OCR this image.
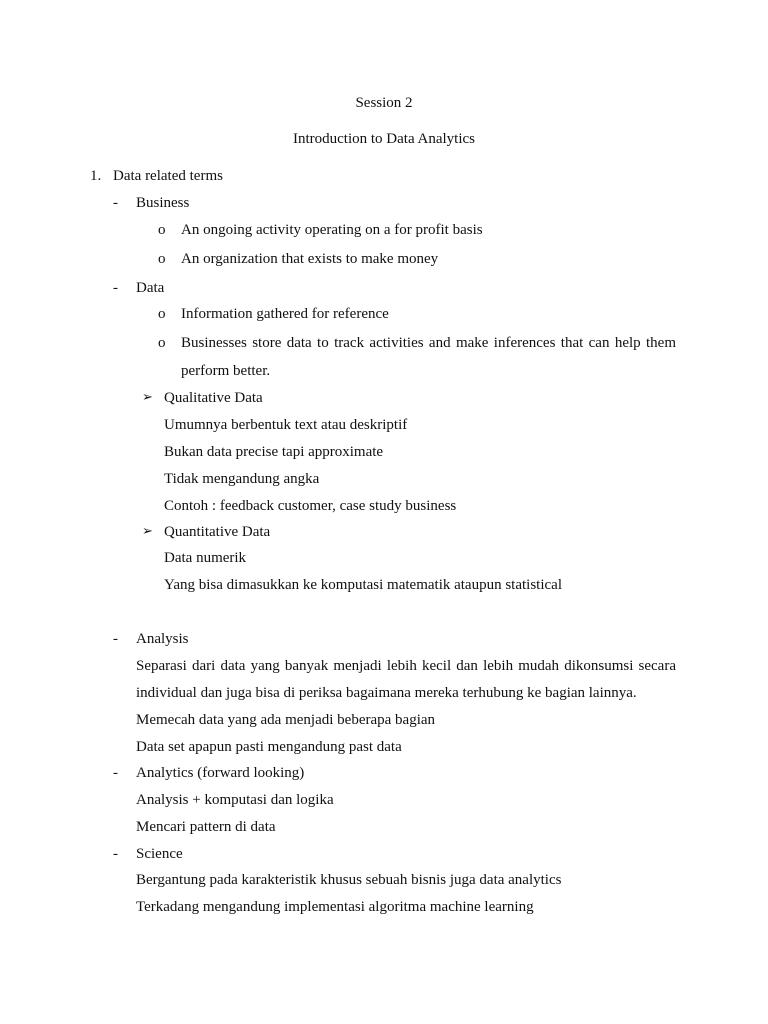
Session 2
Introduction to Data Analytics
1. Data related terms
- Business
o An ongoing activity operating on a for profit basis
o An organization that exists to make money
- Data
o Information gathered for reference
o Businesses store data to track activities and make inferences that can help them
perform better.
➢ Qualitative Data
Umumnya berbentuk text atau deskriptif
Bukan data precise tapi approximate
Tidak mengandung angka
Contoh : feedback customer, case study business
➢ Quantitative Data
Data numerik
Yang bisa dimasukkan ke komputasi matematik ataupun statistical
- Analysis
Separasi dari data yang banyak menjadi lebih kecil dan lebih mudah dikonsumsi secara
individual dan juga bisa di periksa bagaimana mereka terhubung ke bagian lainnya.
Memecah data yang ada menjadi beberapa bagian
Data set apapun pasti mengandung past data
- Analytics (forward looking)
Analysis + komputasi dan logika
Mencari pattern di data
- Science
Bergantung pada karakteristik khusus sebuah bisnis juga data analytics
Terkadang mengandung implementasi algoritma machine learning
